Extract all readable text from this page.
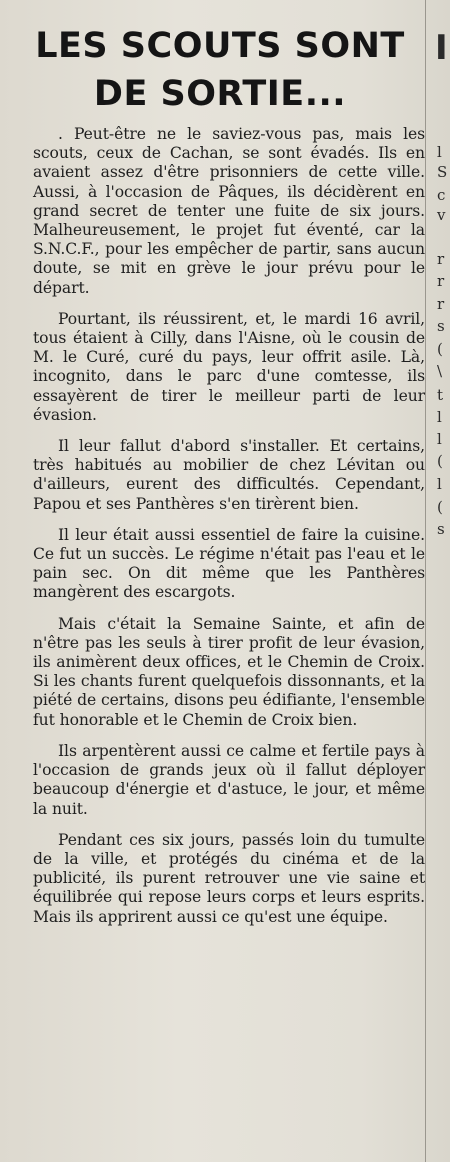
LES SCOUTS SONT
DE SORTIE...

. Peut-être ne le saviez-vous pas, mais les scouts, ceux de Cachan, se sont évadés. Ils en avaient assez d'être prisonniers de cette ville. Aussi, à l'occasion de Pâques, ils décidèrent en grand secret de tenter une fuite de six jours. Malheureusement, le projet fut éventé, car la S.N.C.F., pour les empêcher de partir, sans aucun doute, se mit en grève le jour prévu pour le départ.

Pourtant, ils réussirent, et, le mardi 16 avril, tous étaient à Cilly, dans l'Aisne, où le cousin de M. le Curé, curé du pays, leur offrit asile. Là, incognito, dans le parc d'une comtesse, ils essayèrent de tirer le meilleur parti de leur évasion.

Il leur fallut d'abord s'installer. Et certains, très habitués au mobilier de chez Lévitan ou d'ailleurs, eurent des difficultés. Cependant, Papou et ses Panthères s'en tirèrent bien.

Il leur était aussi essentiel de faire la cuisine. Ce fut un succès. Le régime n'était pas l'eau et le pain sec. On dit même que les Panthères mangèrent des escargots.

Mais c'était la Semaine Sainte, et afin de n'être pas les seuls à tirer profit de leur évasion, ils animèrent deux offices, et le Chemin de Croix. Si les chants furent quelquefois dissonnants, et la piété de certains, disons peu édifiante, l'ensemble fut honorable et le Chemin de Croix bien.

Ils arpentèrent aussi ce calme et fertile pays à l'occasion de grands jeux où il fallut déployer beaucoup d'énergie et d'astuce, le jour, et même la nuit.

Pendant ces six jours, passés loin du tumulte de la ville, et protégés du cinéma et de la publicité, ils purent retrouver une vie saine et équilibrée qui repose leurs corps et leurs esprits. Mais ils apprirent aussi ce qu'est une équipe.

I
l
S
c
v
r
r
r
s
(
\
t
l
l
(
l
(
s
